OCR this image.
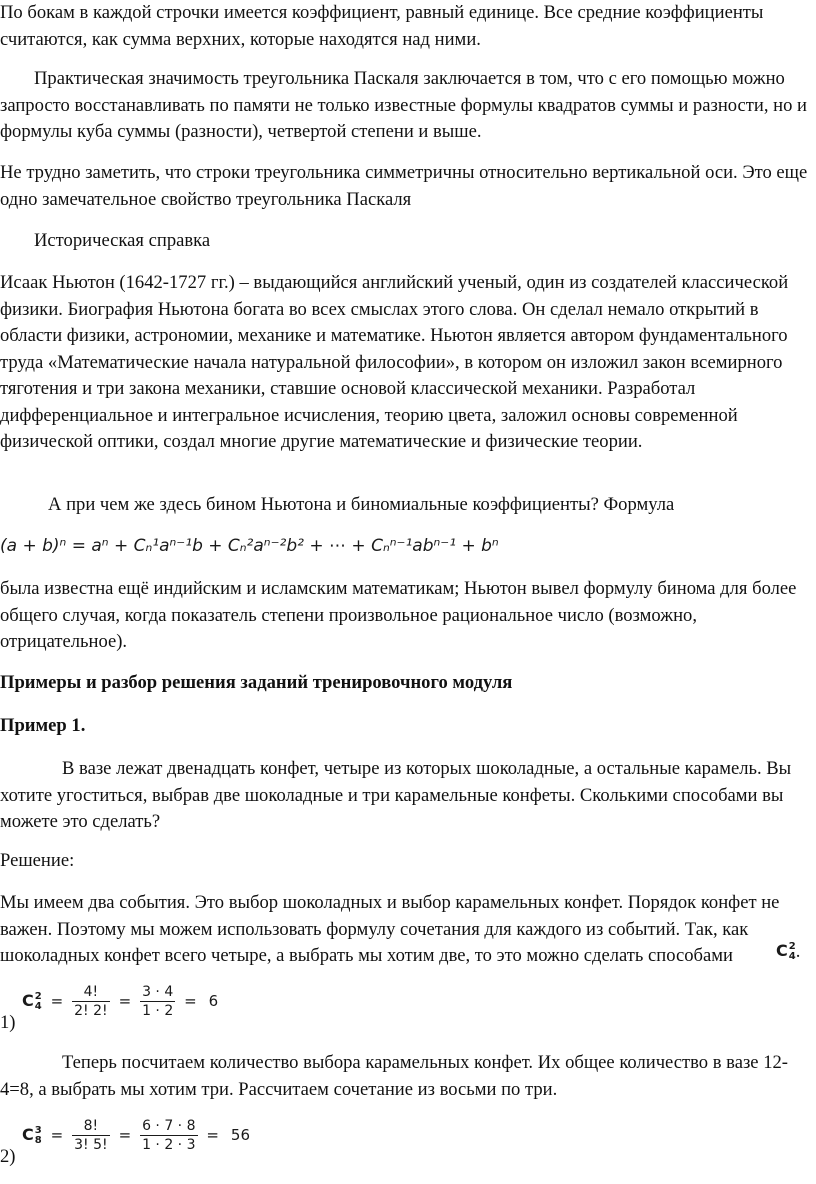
По бокам в каждой строчки имеется коэффициент, равный единице. Все средние коэффициенты считаются, как сумма верхних, которые находятся над ними.

Практическая значимость треугольника Паскаля заключается в том, что с его помощью можно запросто восстанавливать по памяти не только известные формулы квадратов суммы и разности, но и формулы куба суммы (разности), четвертой степени и выше.

Не трудно заметить, что строки треугольника симметричны относительно вертикальной оси. Это еще одно замечательное свойство треугольника Паскаля

Историческая справка

Исаак Ньютон (1642-1727 гг.) – выдающийся английский ученый, один из создателей классической физики. Биография Ньютона богата во всех смыслах этого слова. Он сделал немало открытий в области физики, астрономии, механике и математике. Ньютон является автором фундаментального труда «Математические начала натуральной философии», в котором он изложил закон всемирного тяготения и три закона механики, ставшие основой классической механики. Разработал дифференциальное и интегральное исчисления, теорию цвета, заложил основы современной физической оптики, создал многие другие математические и физические теории.

А при чем же здесь бином Ньютона и биномиальные коэффициенты? Формула

(a + b)ⁿ = aⁿ + Cₙ¹aⁿ⁻¹b + Cₙ²aⁿ⁻²b² + ⋯ + Cₙⁿ⁻¹abⁿ⁻¹ + bⁿ

была известна ещё индийским и исламским математикам; Ньютон вывел формулу бинома для более общего случая, когда показатель степени произвольное рациональное число (возможно, отрицательное).

Примеры и разбор решения заданий тренировочного модуля

Пример 1.

В вазе лежат двенадцать конфет, четыре из которых шоколадные, а остальные карамель. Вы хотите угоститься, выбрав две шоколадные и три карамельные конфеты. Сколькими способами вы можете это сделать?

Решение:

Мы имеем два события. Это выбор шоколадных и выбор карамельных конфет. Порядок конфет не важен. Поэтому мы можем использовать формулу сочетания для каждого из событий. Так, как шоколадных конфет всего четыре, а выбрать мы хотим две, то это можно сделать способами	C 2
4 .

1)

C 2
$4 = \frac{4!}{2! 2!} = \frac{3 \cdot 4}{1 \cdot 2} = 6$

Теперь посчитаем количество выбора карамельных конфет. Их общее количество в вазе 12-4=8, а выбрать мы хотим три. Рассчитаем сочетание из восьми по три.

2)

C 3
$8 = \frac{8!}{3! 5!} = \frac{6 \cdot 7 \cdot 8}{1 \cdot 2 \cdot 3} = 56$
